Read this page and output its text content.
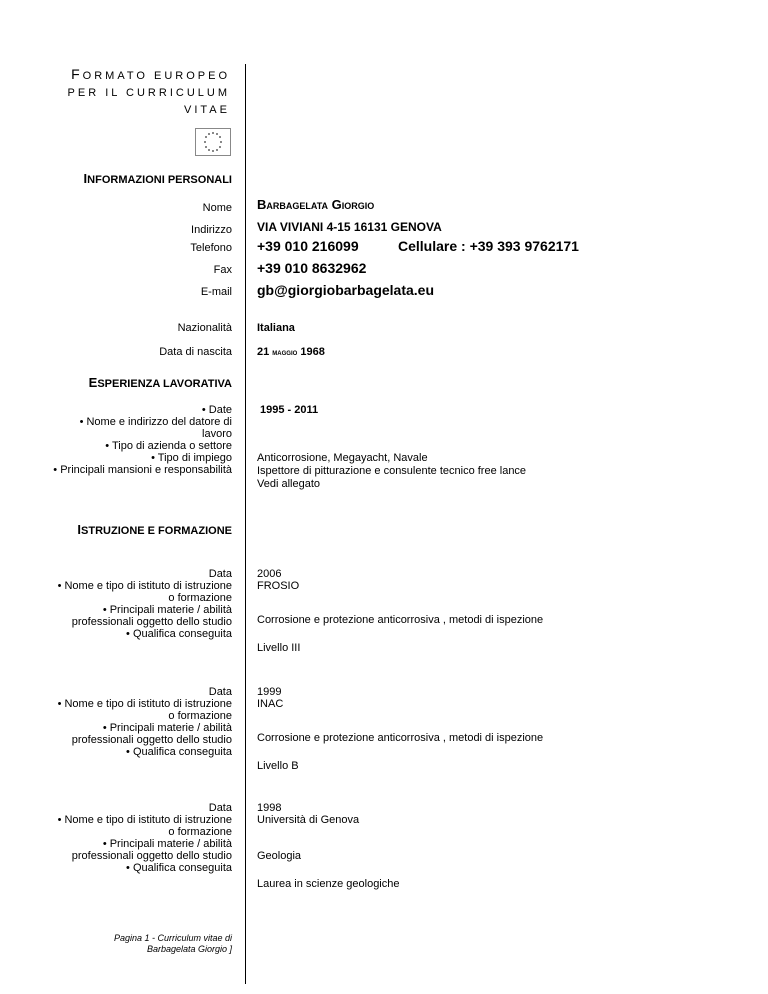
FORMATO EUROPEO
PER IL CURRICULUM
VITAE
INFORMAZIONI PERSONALI
Nome Barbagelata Giorgio
Indirizzo VIA VIVIANI 4-15 16131 GENOVA
Telefono +39 010 216099	Cellulare : +39 393 9762171
Fax +39 010 8632962
E-mail gb@giorgiobarbagelata.eu
Nazionalità Italiana
Data di nascita 21 maggio 1968
ESPERIENZA LAVORATIVA
• Date
• Nome e indirizzo del datore di
lavoro
• Tipo di azienda o settore
• Tipo di impiego
• Principali mansioni e responsabilità
1995 - 2011
Anticorrosione, Megayacht, Navale
Ispettore di pitturazione e consulente tecnico free lance
Vedi allegato
ISTRUZIONE E FORMAZIONE
Data
• Nome e tipo di istituto di istruzione
o formazione
• Principali materie / abilità
professionali oggetto dello studio
• Qualifica conseguita
2006
FROSIO
Corrosione e protezione anticorrosiva , metodi di ispezione
Livello III
Data
• Nome e tipo di istituto di istruzione
o formazione
• Principali materie / abilità
professionali oggetto dello studio
• Qualifica conseguita
1999
INAC
Corrosione e protezione anticorrosiva , metodi di ispezione
Livello B
Data
• Nome e tipo di istituto di istruzione
o formazione
• Principali materie / abilità
professionali oggetto dello studio
• Qualifica conseguita
1998
Università di Genova
Geologia
Laurea in scienze geologiche
Pagina 1 - Curriculum vitae di
Barbagelata Giorgio ]
